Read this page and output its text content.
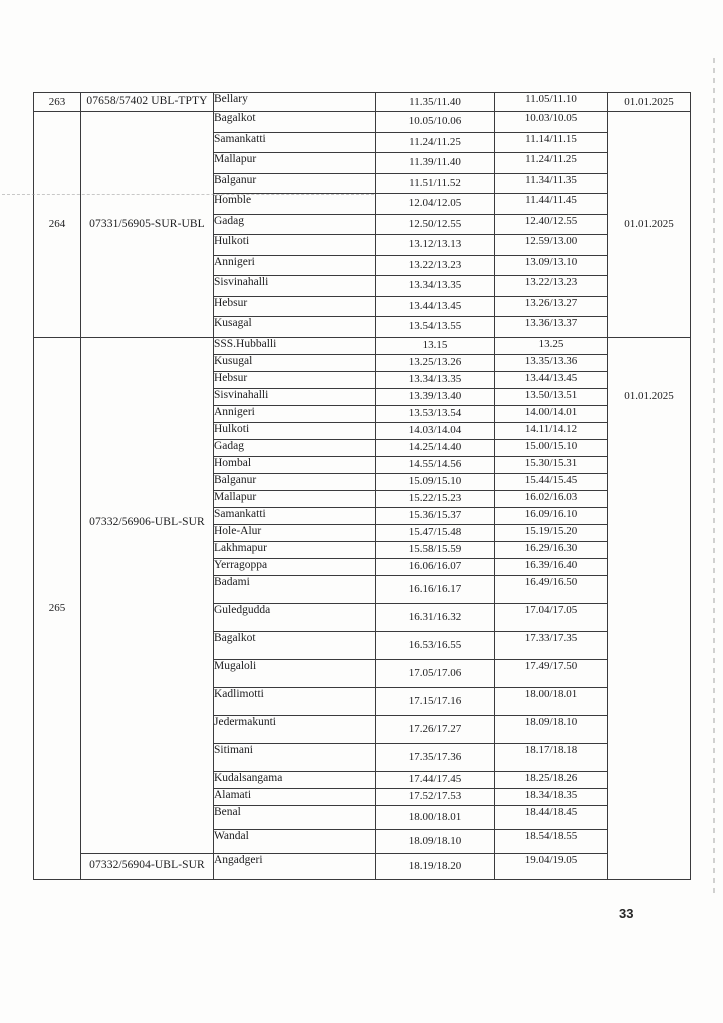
263	07658/57402 UBL-TPTY	Bellary	11.35/11.40	11.05/11.10	01.01.2025
264	07331/56905-SUR-UBL	Bagalkot	10.05/10.06	10.03/10.05	01.01.2025
		Samankatti	11.24/11.25	11.14/11.15	
		Mallapur	11.39/11.40	11.24/11.25	
		Balganur	11.51/11.52	11.34/11.35	
		Homble	12.04/12.05	11.44/11.45	
		Gadag	12.50/12.55	12.40/12.55	
		Hulkoti	13.12/13.13	12.59/13.00	
		Annigeri	13.22/13.23	13.09/13.10	
		Sisvinahalli	13.34/13.35	13.22/13.23	
		Hebsur	13.44/13.45	13.26/13.27	
		Kusagal	13.54/13.55	13.36/13.37	
265	07332/56906-UBL-SUR	SSS.Hubballi	13.15	13.25	01.01.2025
		Kusugal	13.25/13.26	13.35/13.36	
		Hebsur	13.34/13.35	13.44/13.45	
		Sisvinahalli	13.39/13.40	13.50/13.51	
		Annigeri	13.53/13.54	14.00/14.01	
		Hulkoti	14.03/14.04	14.11/14.12	
		Gadag	14.25/14.40	15.00/15.10	
		Hombal	14.55/14.56	15.30/15.31	
		Balganur	15.09/15.10	15.44/15.45	
		Mallapur	15.22/15.23	16.02/16.03	
		Samankatti	15.36/15.37	16.09/16.10	
		Hole-Alur	15.47/15.48	15.19/15.20	
		Lakhmapur	15.58/15.59	16.29/16.30	
		Yerragoppa	16.06/16.07	16.39/16.40	
		Badami	16.16/16.17	16.49/16.50	
		Guledgudda	16.31/16.32	17.04/17.05	
		Bagalkot	16.53/16.55	17.33/17.35	
		Mugaloli	17.05/17.06	17.49/17.50	
		Kadlimotti	17.15/17.16	18.00/18.01	
		Jedermakunti	17.26/17.27	18.09/18.10	
		Sitimani	17.35/17.36	18.17/18.18	
		Kudalsangama	17.44/17.45	18.25/18.26	
		Alamati	17.52/17.53	18.34/18.35	
		Benal	18.00/18.01	18.44/18.45	
		Wandal	18.09/18.10	18.54/18.55	
	07332/56904-UBL-SUR	Angadgeri	18.19/18.20	19.04/19.05	
33
